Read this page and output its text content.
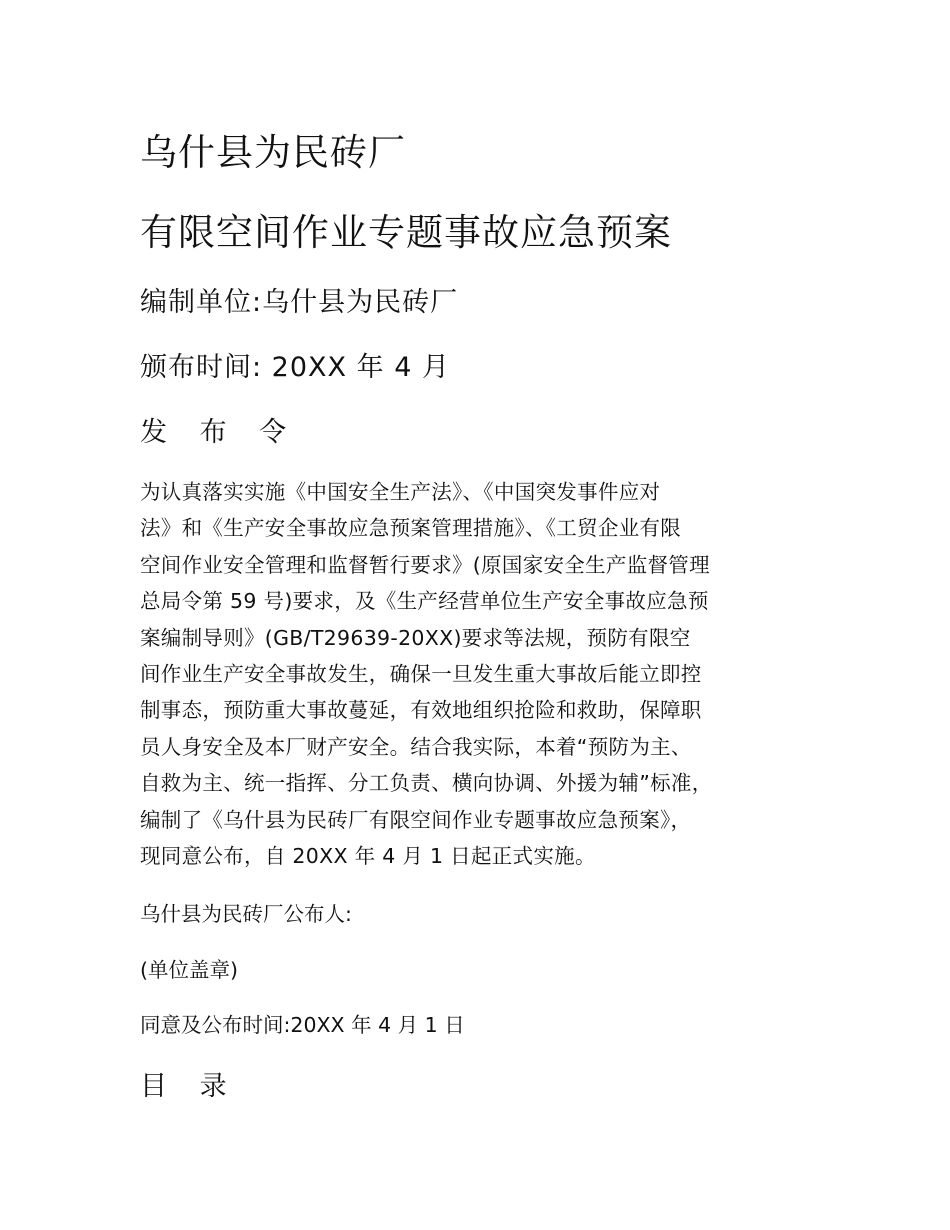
乌什县为民砖厂
有限空间作业专题事故应急预案
编制单位:乌什县为民砖厂
颁布时间: 20XX 年 4 月
发 布 令
为认真落实实施《中国安全生产法》、《中国突发事件应对
法》和《生产安全事故应急预案管理措施》、《工贸企业有限
空间作业安全管理和监督暂行要求》(原国家安全生产监督管理
总局令第 59 号)要求，及《生产经营单位生产安全事故应急预
案编制导则》(GB/T29639-20XX)要求等法规，预防有限空
间作业生产安全事故发生，确保一旦发生重大事故后能立即控
制事态，预防重大事故蔓延，有效地组织抢险和救助，保障职
员人身安全及本厂财产安全。结合我实际，本着“预防为主、
自救为主、统一指挥、分工负责、横向协调、外援为辅”标准，
编制了《乌什县为民砖厂有限空间作业专题事故应急预案》，
现同意公布，自 20XX 年 4 月 1 日起正式实施。
乌什县为民砖厂公布人:
(单位盖章)
同意及公布时间:20XX 年 4 月 1 日
目 录
